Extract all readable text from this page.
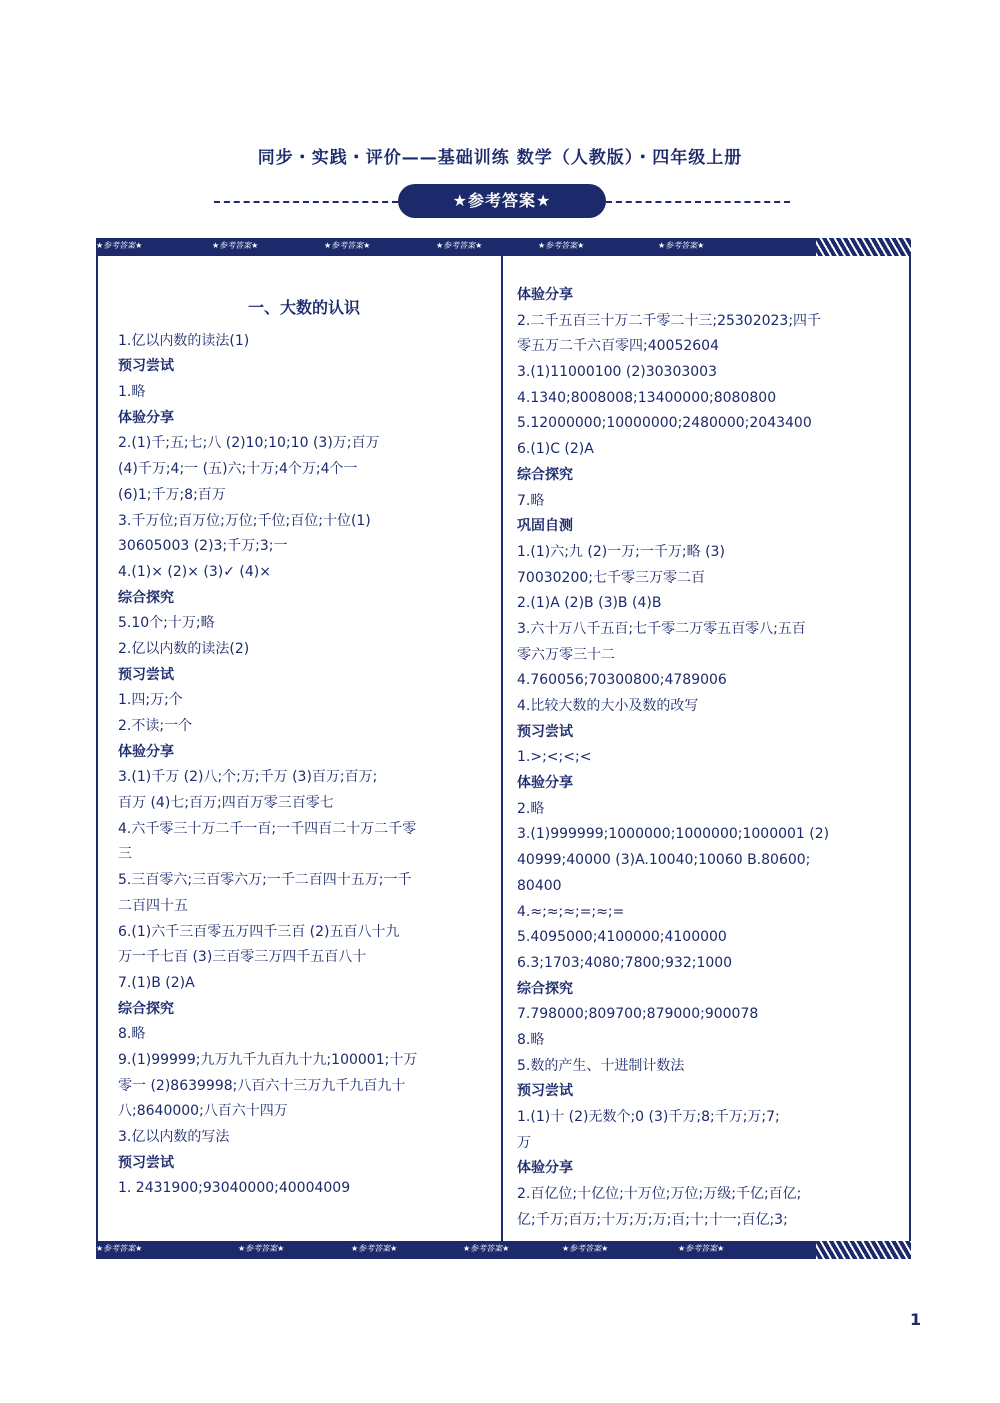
同步・实践・评价——基础训练 数学（人教版）・四年级上册
★参考答案★
★参考答案★	★参考答案★	★参考答案★	★参考答案★	★参考答案★	★参考答案★
一、大数的认识
1.亿以内数的读法(1)
预习尝试
1.略
体验分享
2.(1)千;五;七;八 (2)10;10;10 (3)万;百万
(4)千万;4;一 (五)六;十万;4个万;4个一
(6)1;千万;8;百万
3.千万位;百万位;万位;千位;百位;十位(1)
30605003 (2)3;千万;3;一
4.(1)× (2)× (3)✓ (4)×
综合探究
5.10个;十万;略
2.亿以内数的读法(2)
预习尝试
1.四;万;个
2.不读;一个
体验分享
3.(1)千万 (2)八;个;万;千万 (3)百万;百万;
百万 (4)七;百万;四百万零三百零七
4.六千零三十万二千一百;一千四百二十万二千零
三
5.三百零六;三百零六万;一千二百四十五万;一千
二百四十五
6.(1)六千三百零五万四千三百 (2)五百八十九
万一千七百 (3)三百零三万四千五百八十
7.(1)B (2)A
综合探究
8.略
9.(1)99999;九万九千九百九十九;100001;十万
零一 (2)8639998;八百六十三万九千九百九十
八;8640000;八百六十四万
3.亿以内数的写法
预习尝试
1. 2431900;93040000;40004009
体验分享
2.二千五百三十万二千零二十三;25302023;四千
零五万二千六百零四;40052604
3.(1)11000100 (2)30303003
4.1340;8008008;13400000;8080800
5.12000000;10000000;2480000;2043400
6.(1)C (2)A
综合探究
7.略
巩固自测
1.(1)六;九 (2)一万;一千万;略 (3)
70030200;七千零三万零二百
2.(1)A (2)B (3)B (4)B
3.六十万八千五百;七千零二万零五百零八;五百
零六万零三十二
4.760056;70300800;4789006
4.比较大数的大小及数的改写
预习尝试
1.>;<;<;<
体验分享
2.略
3.(1)999999;1000000;1000000;1000001 (2)
40999;40000 (3)A.10040;10060 B.80600;
80400
4.≈;≈;≈;=;≈;=
5.4095000;4100000;4100000
6.3;1703;4080;7800;932;1000
综合探究
7.798000;809700;879000;900078
8.略
5.数的产生、十进制计数法
预习尝试
1.(1)十 (2)无数个;0 (3)千万;8;千万;万;7;
万
体验分享
2.百亿位;十亿位;十万位;万位;万级;千亿;百亿;
亿;千万;百万;十万;万;万;百;十;十一;百亿;3;
★参考答案★	★参考答案★	★参考答案★	★参考答案★	★参考答案★	★参考答案★
1
